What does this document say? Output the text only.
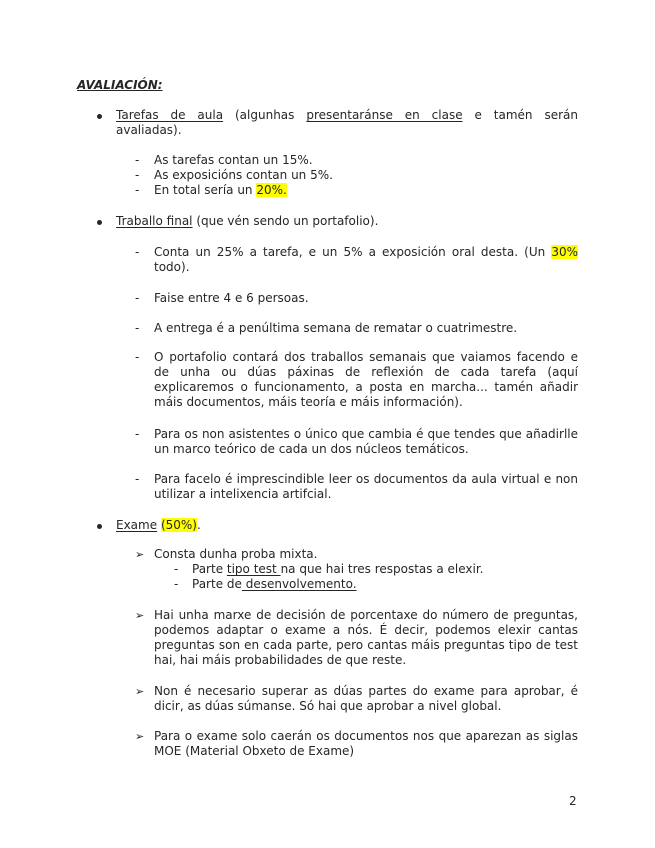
AVALIACIÓN:
Tarefas de aula (algunhas presentaránse en clase e tamén serán
avaliadas).
- As tarefas contan un 15%.
- As exposicións contan un 5%.
- En total sería un 20%.
Traballo final (que vén sendo un portafolio).
- Conta un 25% a tarefa, e un 5% a exposición oral desta. (Un 30%
todo).
- Faise entre 4 e 6 persoas.
- A entrega é a penúltima semana de rematar o cuatrimestre.
- O portafolio contará dos traballos semanais que vaiamos facendo e de unha ou dúas páxinas de reflexión de cada tarefa (aquí explicaremos o funcionamento, a posta en marcha... tamén añadir máis documentos, máis teoría e máis información).
- Para os non asistentes o único que cambia é que tendes que añadirlle un marco teórico de cada un dos núcleos temáticos.
- Para facelo é imprescindible leer os documentos da aula virtual e non utilizar a intelixencia artifcial.
Exame (50%).
➢ Consta dunha proba mixta.
- Parte tipo test na que hai tres respostas a elexir.
- Parte de desenvolvemento.
➢ Hai unha marxe de decisión de porcentaxe do número de preguntas, podemos adaptar o exame a nós. É decir, podemos elexir cantas preguntas son en cada parte, pero cantas máis preguntas tipo de test hai, hai máis probabilidades de que reste.
➢ Non é necesario superar as dúas partes do exame para aprobar, é dicir, as dúas súmanse. Só hai que aprobar a nivel global.
➢ Para o exame solo caerán os documentos nos que aparezan as siglas MOE (Material Obxeto de Exame)
2
